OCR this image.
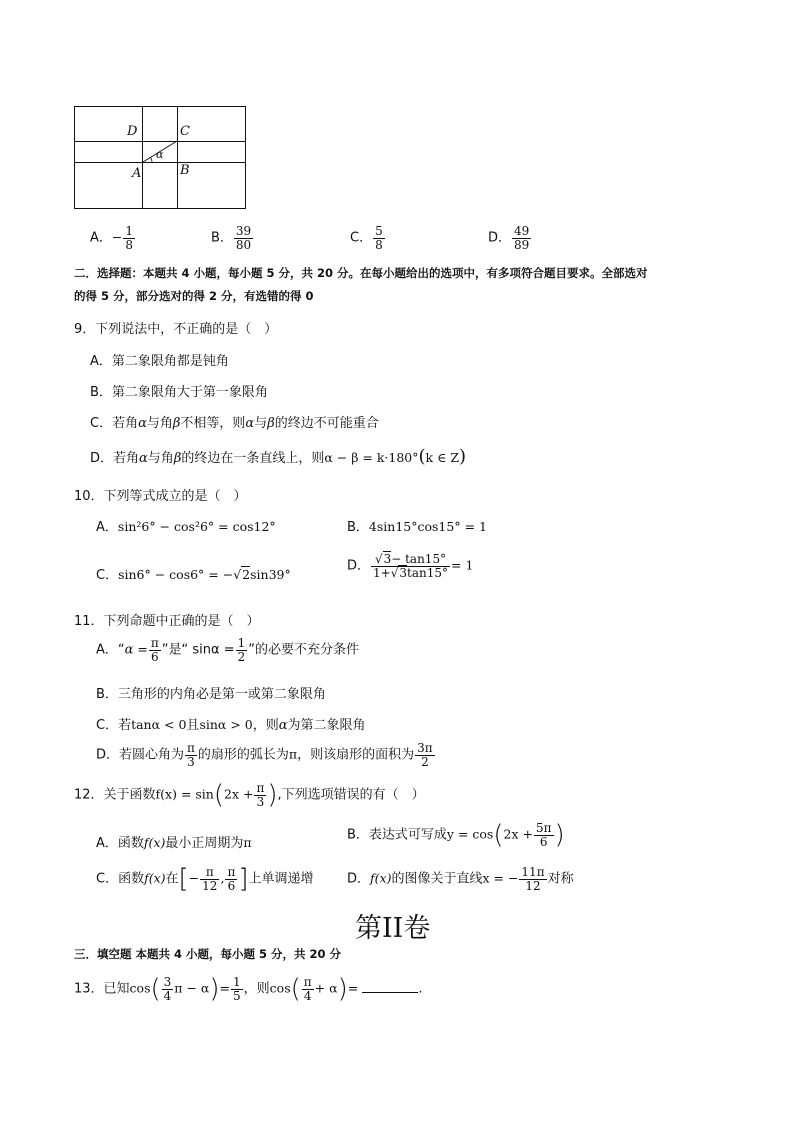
D	C
A	B
α
A．− $\frac{1}{8}$	B． $\frac{39}{80}$	C． $\frac{5}{8}$	D． $\frac{49}{89}$
二．选择题：本题共 4 小题，每小题 5 分，共 20 分。在每小题给出的选项中，有多项符合题目要求。全部选对
的得 5 分，部分选对的得 2 分，有选错的得 0
9．下列说法中，不正确的是（　）
A．第二象限角都是钝角
B．第二象限角大于第一象限角
C．若角α与角β不相等，则α与β的终边不可能重合
D．若角α与角β的终边在一条直线上，则α − β = k·180°(k ∈ Z)
10．下列等式成立的是（　）
A．sin²6° − cos²6° = cos12°	B．4sin15°cos15° = 1
C．sin6° − cos6° = −√2sin39°
D． $\frac{√3- \tan 15^\circ}{1+√3\tan 15^\circ} = 1$
11．下列命题中正确的是（　）
A．“$\alpha = \frac{\pi}{6}$ ”是“ $\sin\alpha = \frac{1}{2}$ ”的必要不充分条件
B．三角形的内角必是第一或第二象限角
C．若tanα < 0且sinα > 0，则α为第二象限角
D．若圆心角为 $\frac{\pi}{3}$ 的扇形的弧长为π，则该扇形的面积为 $\frac{3\pi}{2}$
12．关于函数$f(x) = \sin(2x + \frac{\pi}{3}$ ),下列选项错误的有（　）
A．函数f(x)最小正周期为π	B．表达式可写成$y = \cos(2x + \frac{5\pi}{6}$ )
C．函数f(x)在[− $\frac{\pi}{12}$ , $\frac{\pi}{6}$ ]上单调递增	D．f(x)的图像关于直线x = − $\frac{11\pi}{12}$ 对称
第II卷
三．填空题 本题共 4 小题，每小题 5 分，共 20 分
13．已知$\cos( \frac{3}{4}$ $\pi - \alpha)= \frac{1}{5}$ ，则$\cos( \frac{\pi}{4} + \alpha)=$	.
